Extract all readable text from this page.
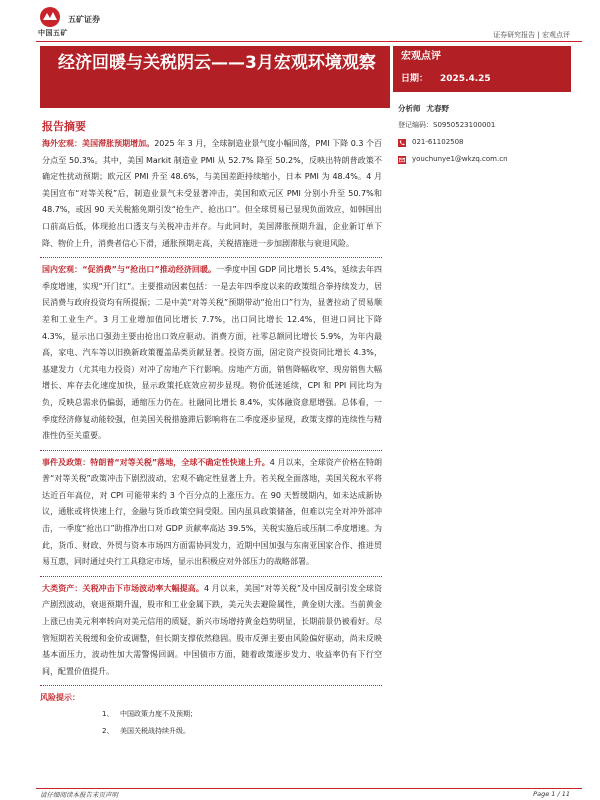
五矿证券
中国五矿	证券研究报告 | 宏观点评
经济回暖与关税阴云——3月宏观环境观察	宏观点评
日期： 2025.4.25
分析师 尤春野
登记编码： S0950523100001
021-61102508
youchunye1@wkzq.com.cn
报告摘要

海外宏观：美国滞胀预期增加。2025 年 3 月，全球制造业景气度小幅回落，PMI 下降 0.3 个百分点至 50.3%。其中，美国 Markit 制造业 PMI 从 52.7% 降至 50.2%，反映出特朗普政策不确定性扰动预期；欧元区 PMI 升至 48.6%，与美国差距持续缩小，日本 PMI 为 48.4%。4 月美国宣布“对等关税”后，制造业景气未受显著冲击，美国和欧元区 PMI 分别小升至 50.7%和 48.7%，或因 90 天关税豁免期引发“抢生产、抢出口”。但全球贸易已显现负面效应，如韩国出口前高后低，体现抢出口透支与关税冲击并存。与此同时，美国滞胀预期升温，企业新订单下降、物价上升，消费者信心下滑，通胀预期走高，关税措施进一步加剧滞胀与衰退风险。

国内宏观：“促消费”与“抢出口”推动经济回暖。一季度中国 GDP 同比增长 5.4%，延续去年四季度增速，实现“开门红”。主要推动因素包括：一是去年四季度以来的政策组合拳持续发力，居民消费与政府投资均有所提振；二是中美“对等关税”预期带动“抢出口”行为，显著拉动了贸易顺差和工业生产。3 月工业增加值同比增长 7.7%，出口同比增长 12.4%，但进口同比下降 4.3%，显示出口强劲主要由抢出口效应驱动。消费方面，社零总额同比增长 5.9%，为年内最高，家电、汽车等以旧换新政策覆盖品类贡献显著。投资方面，固定资产投资同比增长 4.3%，基建发力（尤其电力投资）对冲了房地产下行影响。房地产方面，销售降幅收窄、现房销售大幅增长、库存去化速度加快，显示政策托底效应初步显现。物价低迷延续，CPI 和 PPI 同比均为负，反映总需求仍偏弱，通缩压力仍在。社融同比增长 8.4%，实体融资意愿增强。总体看，一季度经济修复动能较强，但美国关税措施滞后影响将在二季度逐步显现，政策支撑的连续性与精准性仍至关重要。

事件及政策：特朗普“对等关税”落地，全球不确定性快速上升。4 月以来，全球资产价格在特朗普“对等关税”政策冲击下剧烈波动，宏观不确定性显著上升。若关税全面落地，美国关税水平将达近百年高位，对 CPI 可能带来约 3 个百分点的上涨压力。在 90 天暂缓期内，如未达成新协议，通胀或将快速上行，金融与货币政策空间受限。国内虽具政策储备，但难以完全对冲外部冲击，一季度“抢出口”助推净出口对 GDP 贡献率高达 39.5%，关税实施后或压制二季度增速。为此，货币、财政、外贸与资本市场四方面需协同发力，近期中国加强与东南亚国家合作、推进贸易互惠，同时通过央行工具稳定市场，显示出积极应对外部压力的战略部署。

大类资产：关税冲击下市场波动率大幅提高。4 月以来，美国“对等关税”及中国反制引发全球资产剧烈波动，衰退预期升温，股市和工业金属下跌，美元失去避险属性，黄金则大涨。当前黄金上涨已由美元利率转向对美元信用的质疑，新兴市场增持黄金趋势明显，长期前景仍被看好。尽管短期若关税缓和金价或调整，但长期支撑依然稳固。股市反弹主要由风险偏好驱动，尚未反映基本面压力，波动性加大需警惕回调。中国债市方面，随着政策逐步发力、收益率仍有下行空间，配置价值提升。

风险提示：
1、 中国政策力度不及预期；
2、 美国关税战持续升级。
请仔细阅读本报告末页声明	Page 1 / 11
